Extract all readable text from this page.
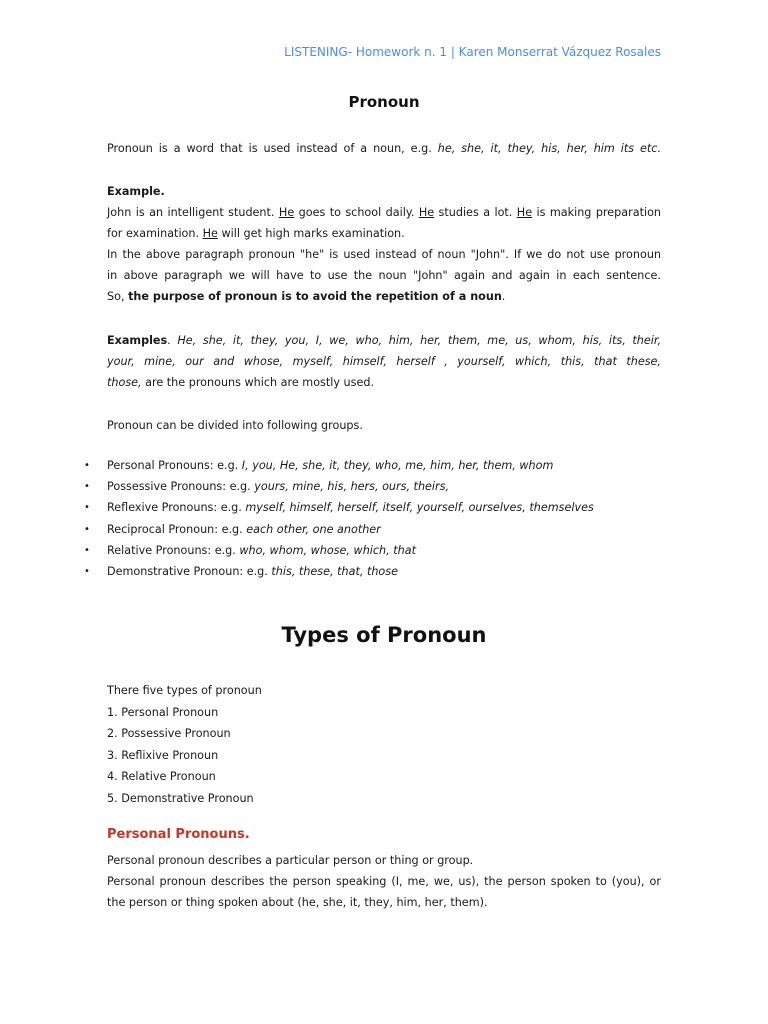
LISTENING- Homework n. 1 | Karen Monserrat Vázquez Rosales
Pronoun
Pronoun is a word that is used instead of a noun, e.g. he, she, it, they, his, her, him its etc.
Example.
John is an intelligent student. He goes to school daily. He studies a lot. He is making preparation
for examination. He will get high marks examination.
In the above paragraph pronoun "he" is used instead of noun "John". If we do not use pronoun
in above paragraph we will have to use the noun "John" again and again in each sentence.
So, the purpose of pronoun is to avoid the repetition of a noun.
Examples. He, she, it, they, you, I, we, who, him, her, them, me, us, whom, his, its, their,
your, mine, our and whose, myself, himself, herself , yourself, which, this, that these,
those, are the pronouns which are mostly used.
Pronoun can be divided into following groups.
• Personal Pronouns: e.g. I, you, He, she, it, they, who, me, him, her, them, whom
• Possessive Pronouns: e.g. yours, mine, his, hers, ours, theirs,
• Reflexive Pronouns: e.g. myself, himself, herself, itself, yourself, ourselves, themselves
• Reciprocal Pronoun: e.g. each other, one another
• Relative Pronouns: e.g. who, whom, whose, which, that
• Demonstrative Pronoun: e.g. this, these, that, those
Types of Pronoun
There five types of pronoun
1. Personal Pronoun
2. Possessive Pronoun
3. Reflixive Pronoun
4. Relative Pronoun
5. Demonstrative Pronoun
Personal Pronouns.
Personal pronoun describes a particular person or thing or group.
Personal pronoun describes the person speaking (I, me, we, us), the person spoken to (you), or
the person or thing spoken about (he, she, it, they, him, her, them).
